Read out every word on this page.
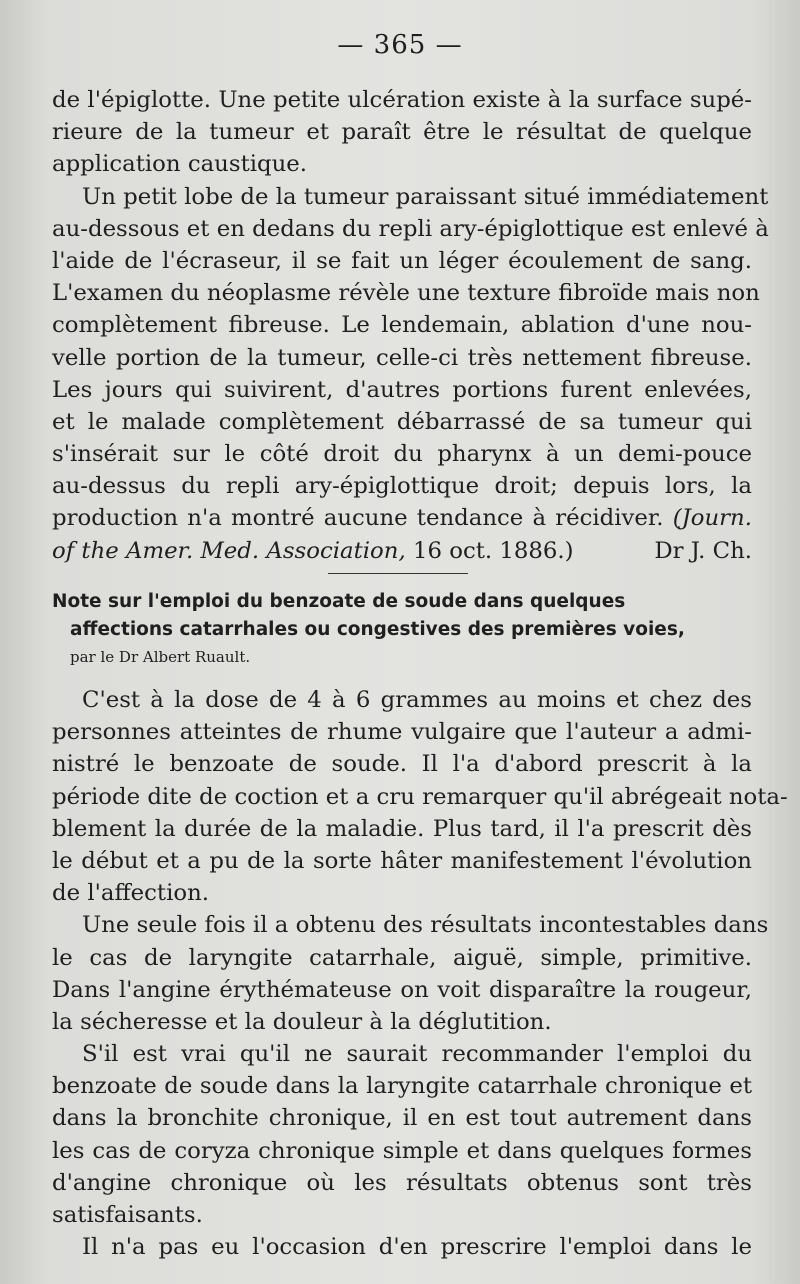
— 365 —
de l'épiglotte. Une petite ulcération existe à la surface supé-
rieure de la tumeur et paraît être le résultat de quelque
application caustique.
Un petit lobe de la tumeur paraissant situé immédiatement
au-dessous et en dedans du repli ary-épiglottique est enlevé à
l'aide de l'écraseur, il se fait un léger écoulement de sang.
L'examen du néoplasme révèle une texture fibroïde mais non
complètement fibreuse. Le lendemain, ablation d'une nou-
velle portion de la tumeur, celle-ci très nettement fibreuse.
Les jours qui suivirent, d'autres portions furent enlevées,
et le malade complètement débarrassé de sa tumeur qui
s'insérait sur le côté droit du pharynx à un demi-pouce
au-dessus du repli ary-épiglottique droit; depuis lors, la
production n'a montré aucune tendance à récidiver. (Journ.
of the Amer. Med. Association, 16 oct. 1886.)	Dr J. Ch.
Note sur l'emploi du benzoate de soude dans quelques
affections catarrhales ou congestives des premières voies,
par le Dr Albert Ruault.
C'est à la dose de 4 à 6 grammes au moins et chez des
personnes atteintes de rhume vulgaire que l'auteur a admi-
nistré le benzoate de soude. Il l'a d'abord prescrit à la
période dite de coction et a cru remarquer qu'il abrégeait nota-
blement la durée de la maladie. Plus tard, il l'a prescrit dès
le début et a pu de la sorte hâter manifestement l'évolution
de l'affection.
Une seule fois il a obtenu des résultats incontestables dans
le cas de laryngite catarrhale, aiguë, simple, primitive.
Dans l'angine érythémateuse on voit disparaître la rougeur,
la sécheresse et la douleur à la déglutition.
S'il est vrai qu'il ne saurait recommander l'emploi du
benzoate de soude dans la laryngite catarrhale chronique et
dans la bronchite chronique, il en est tout autrement dans
les cas de coryza chronique simple et dans quelques formes
d'angine chronique où les résultats obtenus sont très
satisfaisants.
Il n'a pas eu l'occasion d'en prescrire l'emploi dans le
